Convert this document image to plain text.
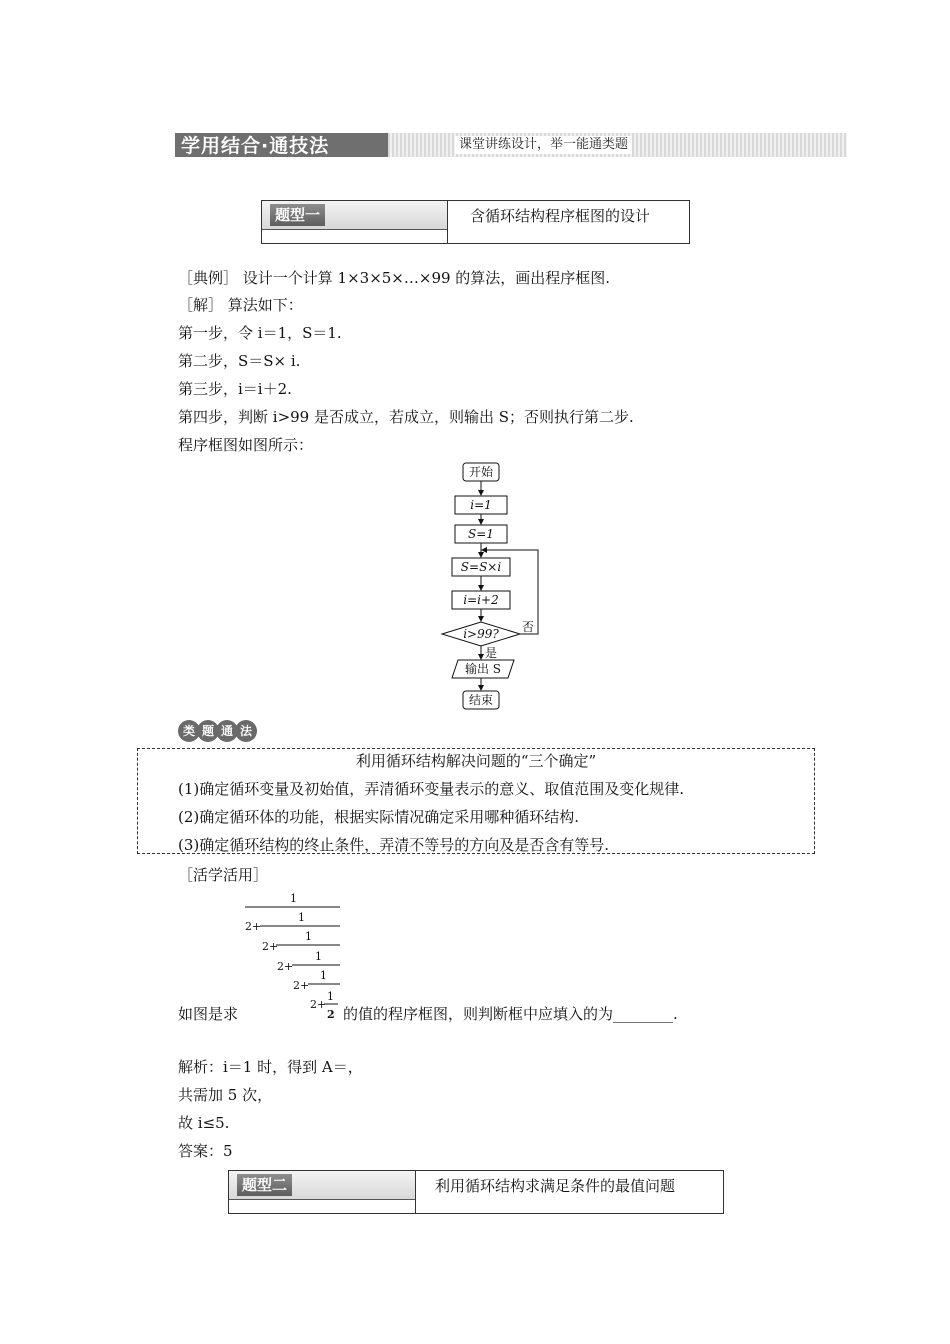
学用结合·通技法	课堂讲练设计，举一能通类题
题型一	含循环结构程序框图的设计
［典例］ 设计一个计算 1×3×5×…×99 的算法，画出程序框图.
［解］ 算法如下：
第一步，令 i＝1，S＝1.
第二步，S＝S× i.
第三步，i＝i＋2.
第四步，判断 i>99 是否成立，若成立，则输出 S；否则执行第二步.
程序框图如图所示：
开始
i=1
S=1
S=S×i
i=i+2
i>99? 否
是
输出 S
结束
类 题 通 法
利用循环结构解决问题的“三个确定”
(1)确定循环变量及初始值，弄清循环变量表示的意义、取值范围及变化规律.
(2)确定循环体的功能，根据实际情况确定采用哪种循环结构.
(3)确定循环结构的终止条件，弄清不等号的方向及是否含有等号.
［活学活用］
1
2+
1
2+
1
2+
1
2+
1
2+
1
2
如图是求	的值的程序框图，则判断框中应填入的为________.
解析：i＝1 时，得到 A＝，
共需加 5 次，
故 i≤5.
答案：5
题型二	利用循环结构求满足条件的最值问题
